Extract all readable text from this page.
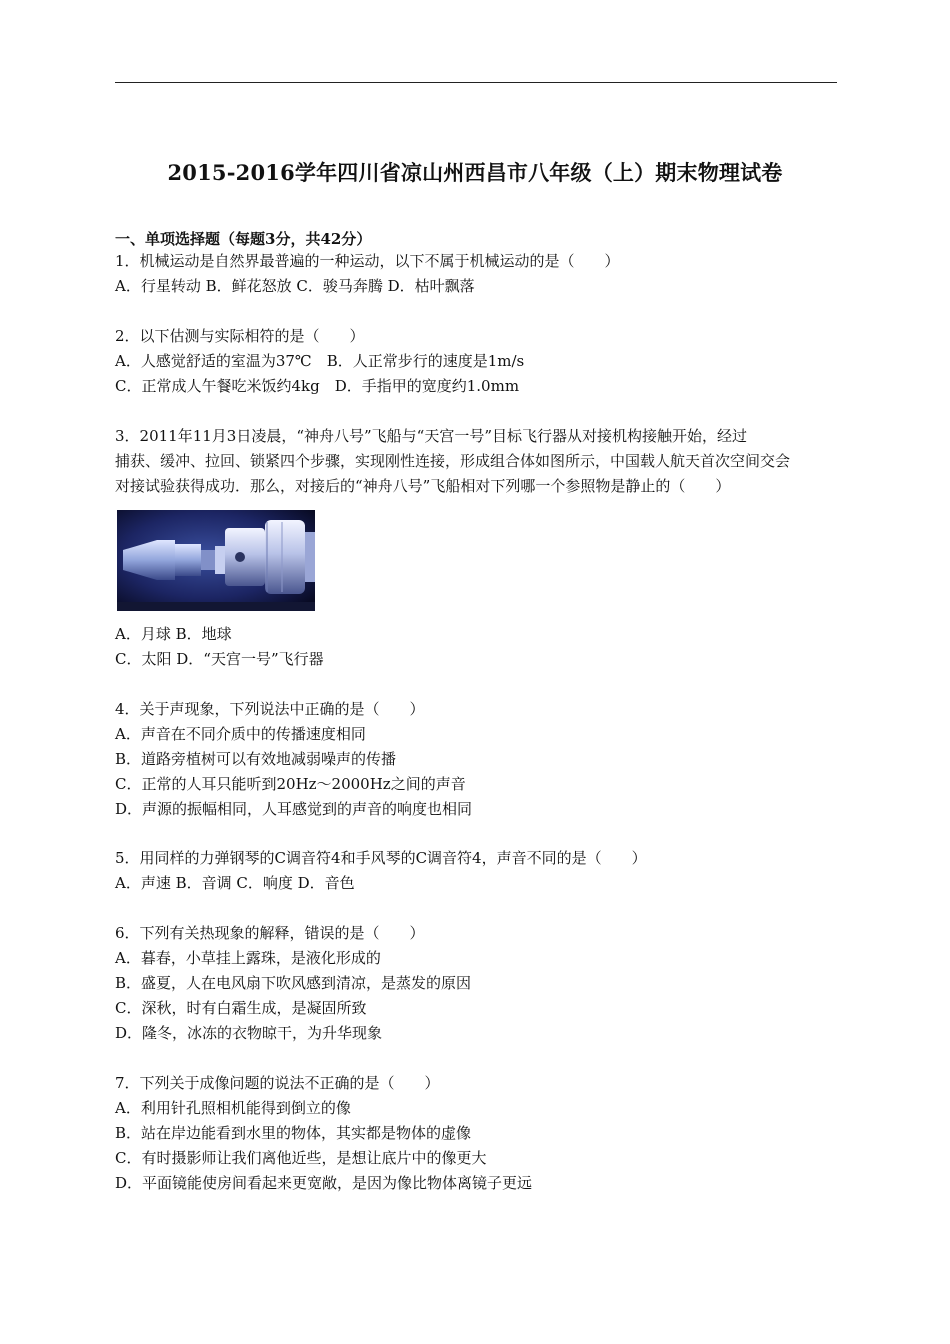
2015-2016学年四川省凉山州西昌市八年级（上）期末物理试卷
一、单项选择题（每题3分，共42分）
1．机械运动是自然界最普遍的一种运动，以下不属于机械运动的是（　　）
A．行星转动 B．鲜花怒放 C．骏马奔腾 D．枯叶飘落
2．以下估测与实际相符的是（　　）
A．人感觉舒适的室温为37℃　B．人正常步行的速度是1m/s
C．正常成人午餐吃米饭约4kg　D．手指甲的宽度约1.0mm
3．2011年11月3日凌晨，“神舟八号”飞船与“天宫一号”目标飞行器从对接机构接触开始，经过
捕获、缓冲、拉回、锁紧四个步骤，实现刚性连接，形成组合体如图所示，中国载人航天首次空间交会
对接试验获得成功．那么，对接后的“神舟八号”飞船相对下列哪一个参照物是静止的（　　）
A．月球 B．地球
C．太阳 D．“天宫一号”飞行器
4．关于声现象，下列说法中正确的是（　　）
A．声音在不同介质中的传播速度相同
B．道路旁植树可以有效地减弱噪声的传播
C．正常的人耳只能听到20Hz～2000Hz之间的声音
D．声源的振幅相同，人耳感觉到的声音的响度也相同
5．用同样的力弹钢琴的C调音符4和手风琴的C调音符4，声音不同的是（　　）
A．声速 B．音调 C．响度 D．音色
6．下列有关热现象的解释，错误的是（　　）
A．暮春，小草挂上露珠，是液化形成的
B．盛夏，人在电风扇下吹风感到清凉，是蒸发的原因
C．深秋，时有白霜生成，是凝固所致
D．隆冬，冰冻的衣物晾干，为升华现象
7．下列关于成像问题的说法不正确的是（　　）
A．利用针孔照相机能得到倒立的像
B．站在岸边能看到水里的物体，其实都是物体的虚像
C．有时摄影师让我们离他近些，是想让底片中的像更大
D．平面镜能使房间看起来更宽敞，是因为像比物体离镜子更远
